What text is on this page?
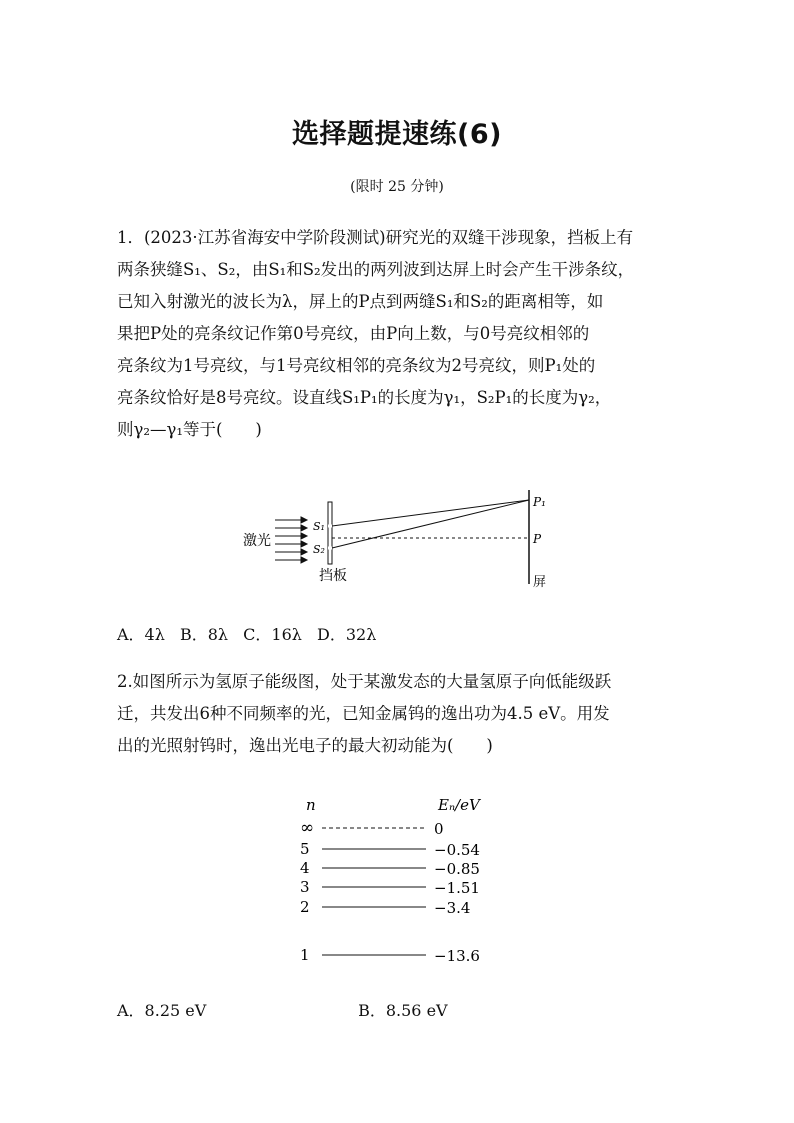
选择题提速练(6)
(限时 25 分钟)
1．(2023·江苏省海安中学阶段测试)研究光的双缝干涉现象，挡板上有
两条狭缝S₁、S₂，由S₁和S₂发出的两列波到达屏上时会产生干涉条纹，
已知入射激光的波长为λ，屏上的P点到两缝S₁和S₂的距离相等，如
果把P处的亮条纹记作第0号亮纹，由P向上数，与0号亮纹相邻的
亮条纹为1号亮纹，与1号亮纹相邻的亮条纹为2号亮纹，则P₁处的
亮条纹恰好是8号亮纹。设直线S₁P₁的长度为γ₁，S₂P₁的长度为γ₂，
则γ₂—γ₁等于(　　)
激光
S₁
S₂
挡板	屏
P₁
P
A．4λ B．8λ C．16λ D．32λ
2.如图所示为氢原子能级图，处于某激发态的大量氢原子向低能级跃
迁，共发出6种不同频率的光，已知金属钨的逸出功为4.5 eV。用发
出的光照射钨时，逸出光电子的最大初动能为(　　)
n	Eₙ/eV
∞	0
5	−0.54
4	−0.85
3	−1.51
2	−3.4
1	−13.6
A．8.25 eV	B．8.56 eV
